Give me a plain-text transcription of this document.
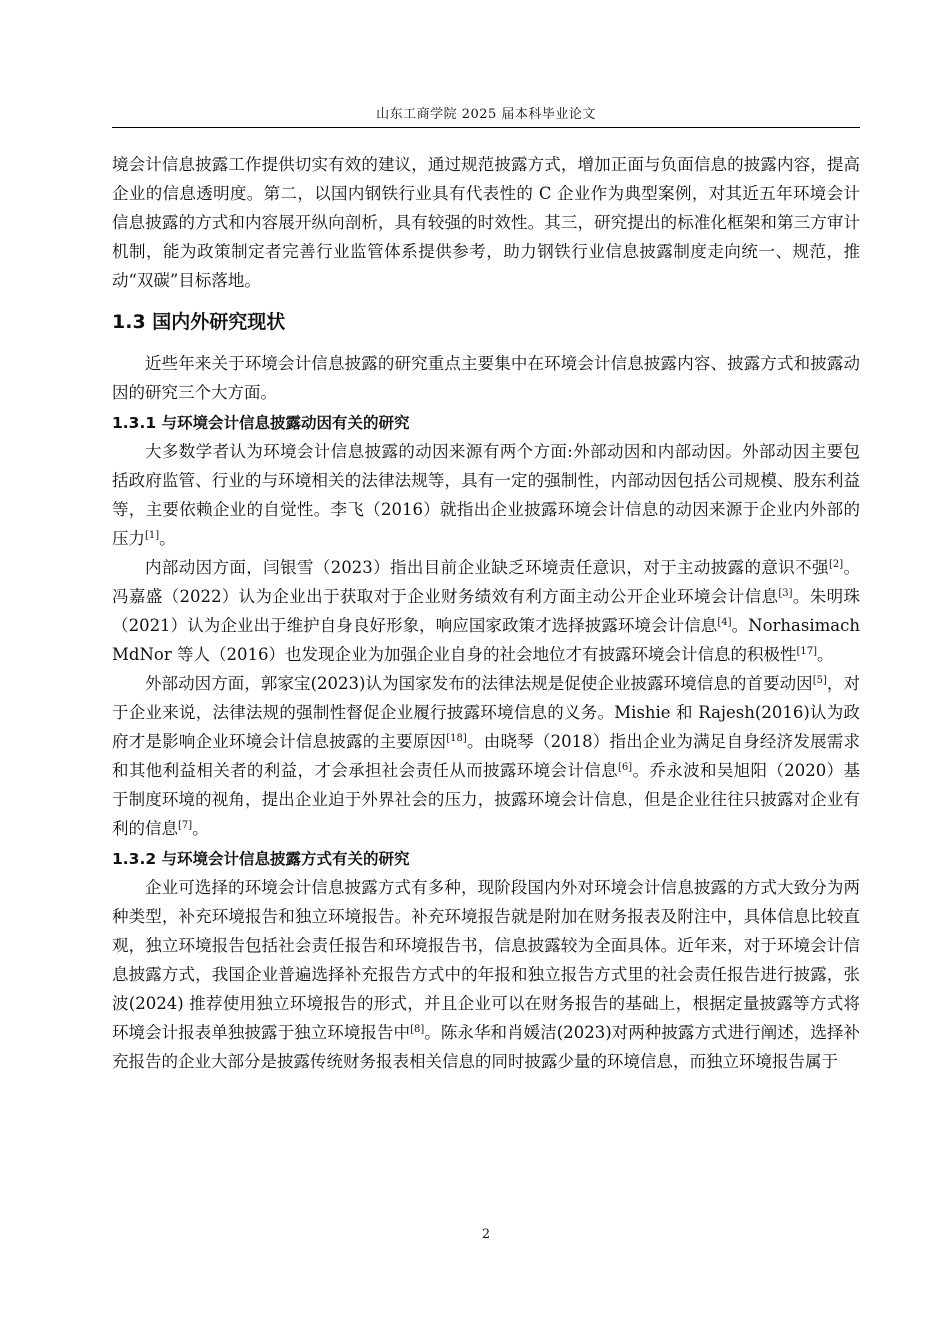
山东工商学院 2025 届本科毕业论文

境会计信息披露工作提供切实有效的建议，通过规范披露方式，增加正面与负面信息的披露内容，提高企业的信息透明度。第二，以国内钢铁行业具有代表性的 C 企业作为典型案例，对其近五年环境会计信息披露的方式和内容展开纵向剖析，具有较强的时效性。其三，研究提出的标准化框架和第三方审计机制，能为政策制定者完善行业监管体系提供参考，助力钢铁行业信息披露制度走向统一、规范，推动“双碳”目标落地。

1.3 国内外研究现状

近些年来关于环境会计信息披露的研究重点主要集中在环境会计信息披露内容、披露方式和披露动因的研究三个大方面。

1.3.1 与环境会计信息披露动因有关的研究

大多数学者认为环境会计信息披露的动因来源有两个方面:外部动因和内部动因。外部动因主要包括政府监管、行业的与环境相关的法律法规等，具有一定的强制性，内部动因包括公司规模、股东利益等，主要依赖企业的自觉性。李飞（2016）就指出企业披露环境会计信息的动因来源于企业内外部的压力[1]。

内部动因方面，闫银雪（2023）指出目前企业缺乏环境责任意识，对于主动披露的意识不强[2]。冯嘉盛（2022）认为企业出于获取对于企业财务绩效有利方面主动公开企业环境会计信息[3]。朱明珠（2021）认为企业出于维护自身良好形象，响应国家政策才选择披露环境会计信息[4]。Norhasimach MdNor 等人（2016）也发现企业为加强企业自身的社会地位才有披露环境会计信息的积极性[17]。

外部动因方面，郭家宝(2023)认为国家发布的法律法规是促使企业披露环境信息的首要动因[5]，对于企业来说，法律法规的强制性督促企业履行披露环境信息的义务。Mishie 和 Rajesh(2016)认为政府才是影响企业环境会计信息披露的主要原因[18]。由晓琴（2018）指出企业为满足自身经济发展需求和其他利益相关者的利益，才会承担社会责任从而披露环境会计信息[6]。乔永波和吴旭阳（2020）基于制度环境的视角，提出企业迫于外界社会的压力，披露环境会计信息，但是企业往往只披露对企业有利的信息[7]。

1.3.2 与环境会计信息披露方式有关的研究

企业可选择的环境会计信息披露方式有多种，现阶段国内外对环境会计信息披露的方式大致分为两种类型，补充环境报告和独立环境报告。补充环境报告就是附加在财务报表及附注中，具体信息比较直观，独立环境报告包括社会责任报告和环境报告书，信息披露较为全面具体。近年来，对于环境会计信息披露方式，我国企业普遍选择补充报告方式中的年报和独立报告方式里的社会责任报告进行披露，张波(2024) 推荐使用独立环境报告的形式，并且企业可以在财务报告的基础上，根据定量披露等方式将环境会计报表单独披露于独立环境报告中[8]。陈永华和肖媛洁(2023)对两种披露方式进行阐述，选择补充报告的企业大部分是披露传统财务报表相关信息的同时披露少量的环境信息，而独立环境报告属于

2
